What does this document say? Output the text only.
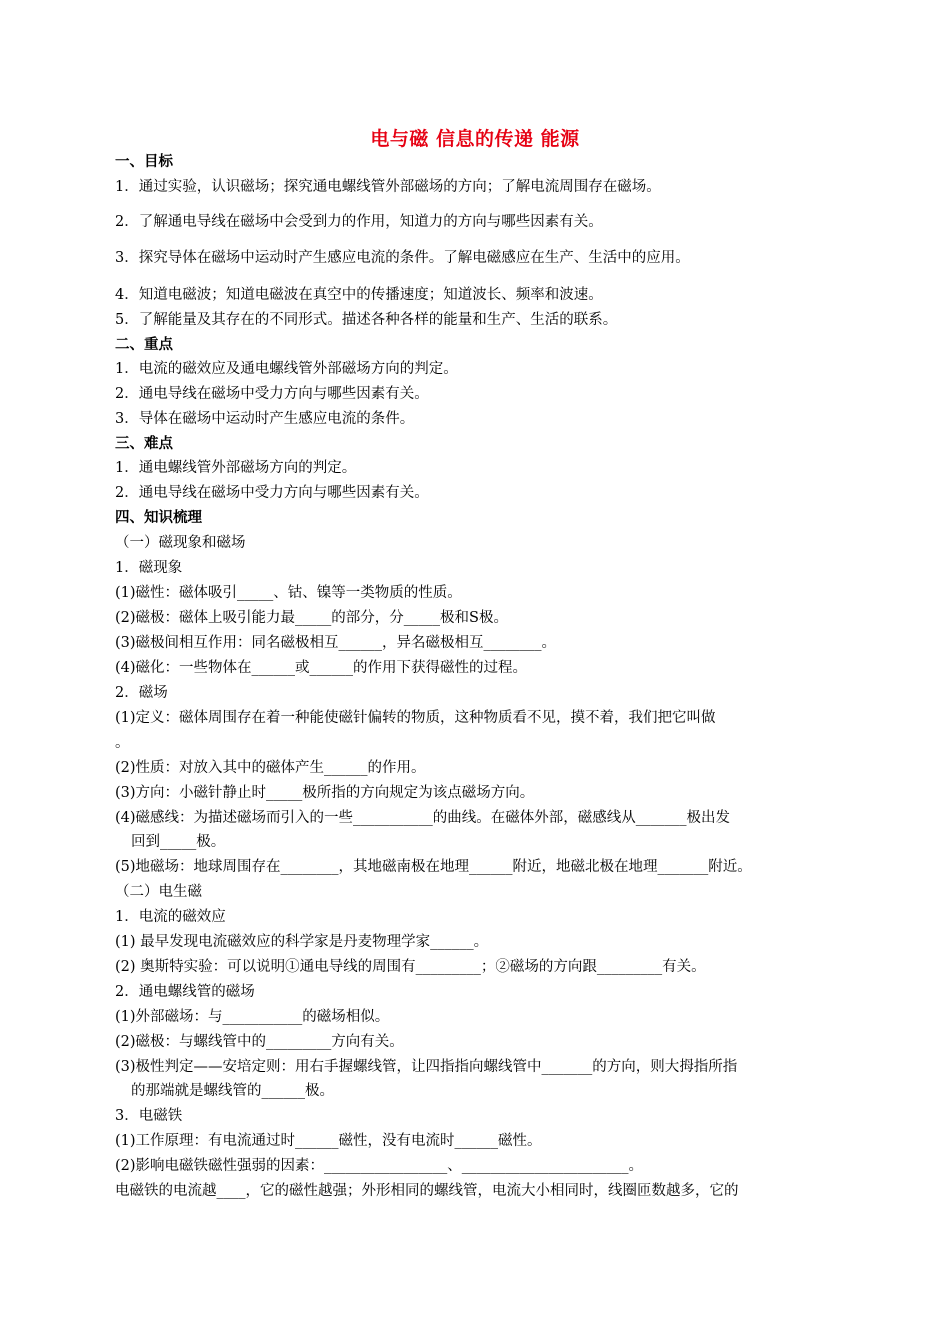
电与磁 信息的传递 能源
一、目标
1．通过实验，认识磁场；探究通电螺线管外部磁场的方向；了解电流周围存在磁场。
2．了解通电导线在磁场中会受到力的作用，知道力的方向与哪些因素有关。
3．探究导体在磁场中运动时产生感应电流的条件。了解电磁感应在生产、生活中的应用。
4．知道电磁波；知道电磁波在真空中的传播速度；知道波长、频率和波速。
5．了解能量及其存在的不同形式。描述各种各样的能量和生产、生活的联系。
二、重点
1．电流的磁效应及通电螺线管外部磁场方向的判定。
2．通电导线在磁场中受力方向与哪些因素有关。
3．导体在磁场中运动时产生感应电流的条件。
三、难点
1．通电螺线管外部磁场方向的判定。
2．通电导线在磁场中受力方向与哪些因素有关。
四、知识梳理
（一）磁现象和磁场
1．磁现象
(1)磁性：磁体吸引_____、钴、镍等一类物质的性质。
(2)磁极：磁体上吸引能力最_____的部分，分_____极和S极。
(3)磁极间相互作用：同名磁极相互______，异名磁极相互________。
(4)磁化：一些物体在______或______的作用下获得磁性的过程。
2．磁场
(1)定义：磁体周围存在着一种能使磁针偏转的物质，这种物质看不见，摸不着，我们把它叫做
。
(2)性质：对放入其中的磁体产生______的作用。
(3)方向：小磁针静止时_____极所指的方向规定为该点磁场方向。
(4)磁感线：为描述磁场而引入的一些___________的曲线。在磁体外部，磁感线从_______极出发
回到_____极。
(5)地磁场：地球周围存在________，其地磁南极在地理______附近，地磁北极在地理_______附近。
（二）电生磁
1．电流的磁效应
(1) 最早发现电流磁效应的科学家是丹麦物理学家______。
(2) 奥斯特实验：可以说明①通电导线的周围有_________；②磁场的方向跟_________有关。
2．通电螺线管的磁场
(1)外部磁场：与___________的磁场相似。
(2)磁极：与螺线管中的_________方向有关。
(3)极性判定——安培定则：用右手握螺线管，让四指指向螺线管中_______的方向，则大拇指所指
的那端就是螺线管的______极。
3．电磁铁
(1)工作原理：有电流通过时______磁性，没有电流时______磁性。
(2)影响电磁铁磁性强弱的因素：_________________、_______________________。
电磁铁的电流越____，它的磁性越强；外形相同的螺线管，电流大小相同时，线圈匝数越多，它的
